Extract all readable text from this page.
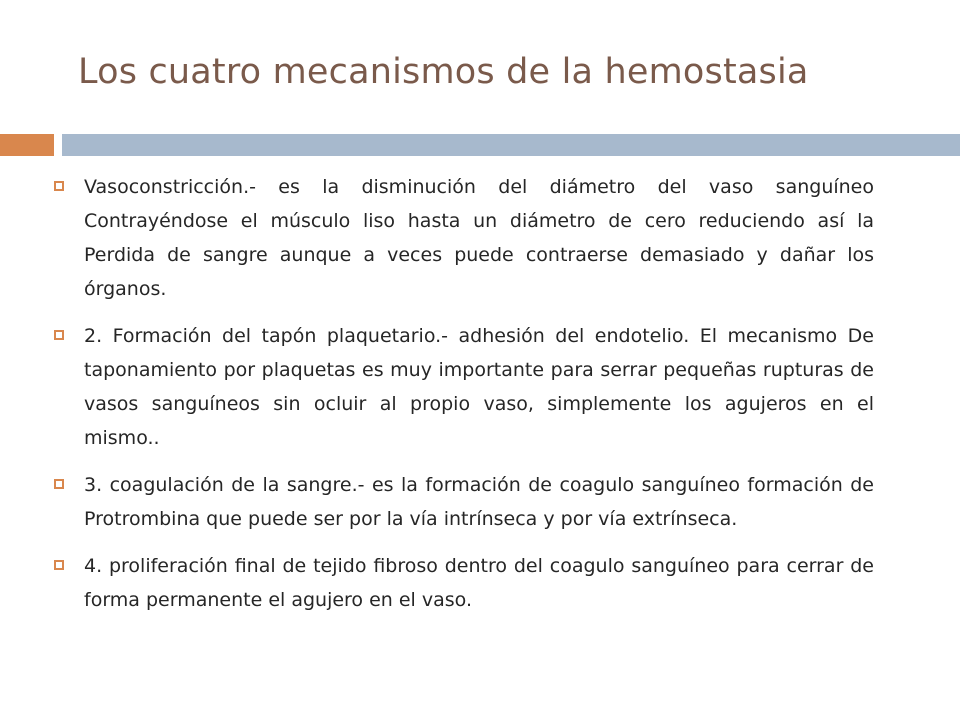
Los cuatro mecanismos de la hemostasia
Vasoconstricción.- es la disminución del diámetro del vaso sanguíneo Contrayéndose el músculo liso hasta un diámetro de cero reduciendo así la Perdida de sangre aunque a veces puede contraerse demasiado y dañar los órganos.
2. Formación del tapón plaquetario.- adhesión del endotelio. El mecanismo De taponamiento por plaquetas es muy importante para serrar pequeñas rupturas de vasos sanguíneos sin ocluir al propio vaso, simplemente los agujeros en el mismo..
3. coagulación de la sangre.- es la formación de coagulo sanguíneo formación de Protrombina que puede ser por la vía intrínseca y por vía extrínseca.
4. proliferación final de tejido fibroso dentro del coagulo sanguíneo para cerrar de forma permanente el agujero en el vaso.
